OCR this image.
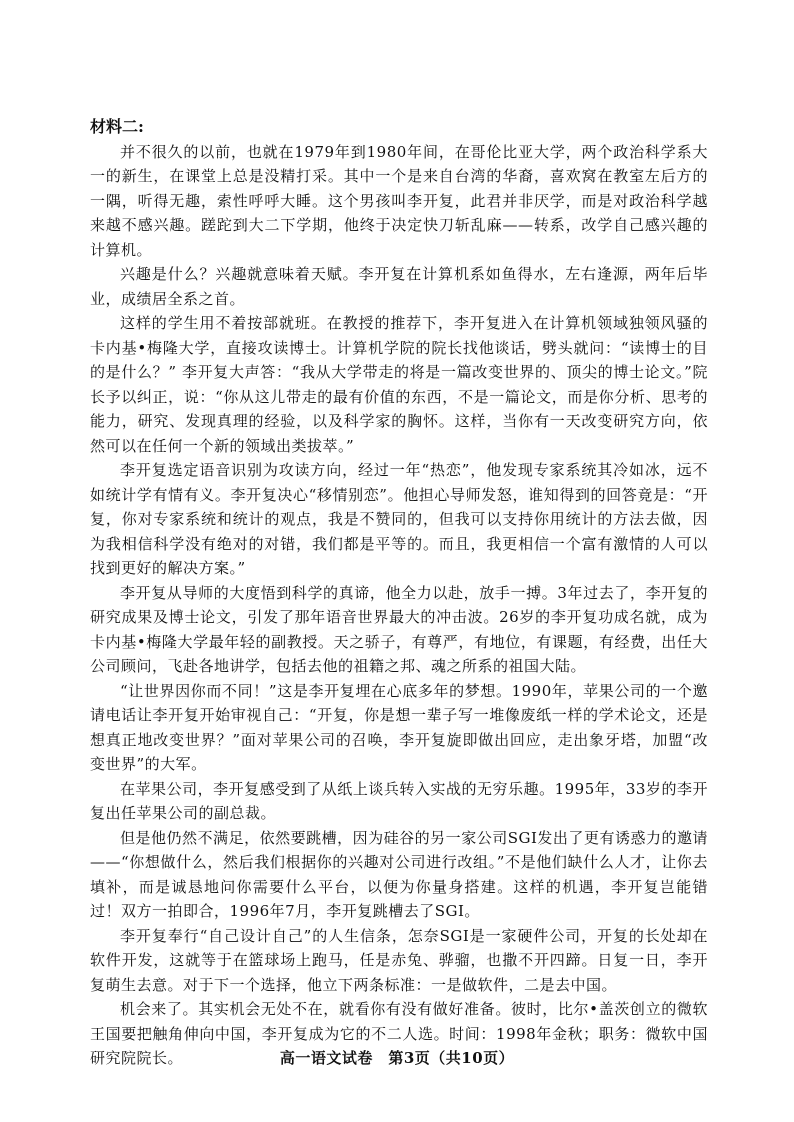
材料二:

并不很久的以前，也就在1979年到1980年间，在哥伦比亚大学，两个政治科学系大一的新生，在课堂上总是没精打采。其中一个是来自台湾的华裔，喜欢窝在教室左后方的一隅，听得无趣，索性呼呼大睡。这个男孩叫李开复，此君并非厌学，而是对政治科学越来越不感兴趣。蹉跎到大二下学期，他终于决定快刀斩乱麻——转系，改学自己感兴趣的计算机。

兴趣是什么？兴趣就意味着天赋。李开复在计算机系如鱼得水，左右逢源，两年后毕业，成绩居全系之首。

这样的学生用不着按部就班。在教授的推荐下，李开复进入在计算机领域独领风骚的卡内基•梅隆大学，直接攻读博士。计算机学院的院长找他谈话，劈头就问：“读博士的目的是什么？” 李开复大声答：“我从大学带走的将是一篇改变世界的、顶尖的博士论文。”院长予以纠正，说：“你从这儿带走的最有价值的东西，不是一篇论文，而是你分析、思考的能力，研究、发现真理的经验，以及科学家的胸怀。这样，当你有一天改变研究方向，依然可以在任何一个新的领域出类拔萃。”

李开复选定语音识别为攻读方向，经过一年“热恋”，他发现专家系统其冷如冰，远不如统计学有情有义。李开复决心“移情别恋”。他担心导师发怒，谁知得到的回答竟是：“开复，你对专家系统和统计的观点，我是不赞同的，但我可以支持你用统计的方法去做，因为我相信科学没有绝对的对错，我们都是平等的。而且，我更相信一个富有激情的人可以找到更好的解决方案。”

李开复从导师的大度悟到科学的真谛，他全力以赴，放手一搏。3年过去了，李开复的研究成果及博士论文，引发了那年语音世界最大的冲击波。26岁的李开复功成名就，成为卡内基•梅隆大学最年轻的副教授。天之骄子，有尊严，有地位，有课题，有经费，出任大公司顾问，飞赴各地讲学，包括去他的祖籍之邦、魂之所系的祖国大陆。

“让世界因你而不同！”这是李开复埋在心底多年的梦想。1990年，苹果公司的一个邀请电话让李开复开始审视自己：“开复，你是想一辈子写一堆像废纸一样的学术论文，还是想真正地改变世界？”面对苹果公司的召唤，李开复旋即做出回应，走出象牙塔，加盟“改变世界”的大军。

在苹果公司，李开复感受到了从纸上谈兵转入实战的无穷乐趣。1995年，33岁的李开复出任苹果公司的副总裁。

但是他仍然不满足，依然要跳槽，因为硅谷的另一家公司SGI发出了更有诱惑力的邀请——“你想做什么，然后我们根据你的兴趣对公司进行改组。”不是他们缺什么人才，让你去填补，而是诚恳地问你需要什么平台，以便为你量身搭建。这样的机遇，李开复岂能错过！双方一拍即合，1996年7月，李开复跳槽去了SGI。

李开复奉行“自己设计自己”的人生信条，怎奈SGI是一家硬件公司，开复的长处却在软件开发，这就等于在篮球场上跑马，任是赤兔、骅骝，也撒不开四蹄。日复一日，李开复萌生去意。对于下一个选择，他立下两条标准：一是做软件，二是去中国。

机会来了。其实机会无处不在，就看你有没有做好准备。彼时，比尔•盖茨创立的微软王国要把触角伸向中国，李开复成为它的不二人选。时间：1998年金秋；职务：微软中国研究院院长。	高一语文试卷　第3页（共10页）
